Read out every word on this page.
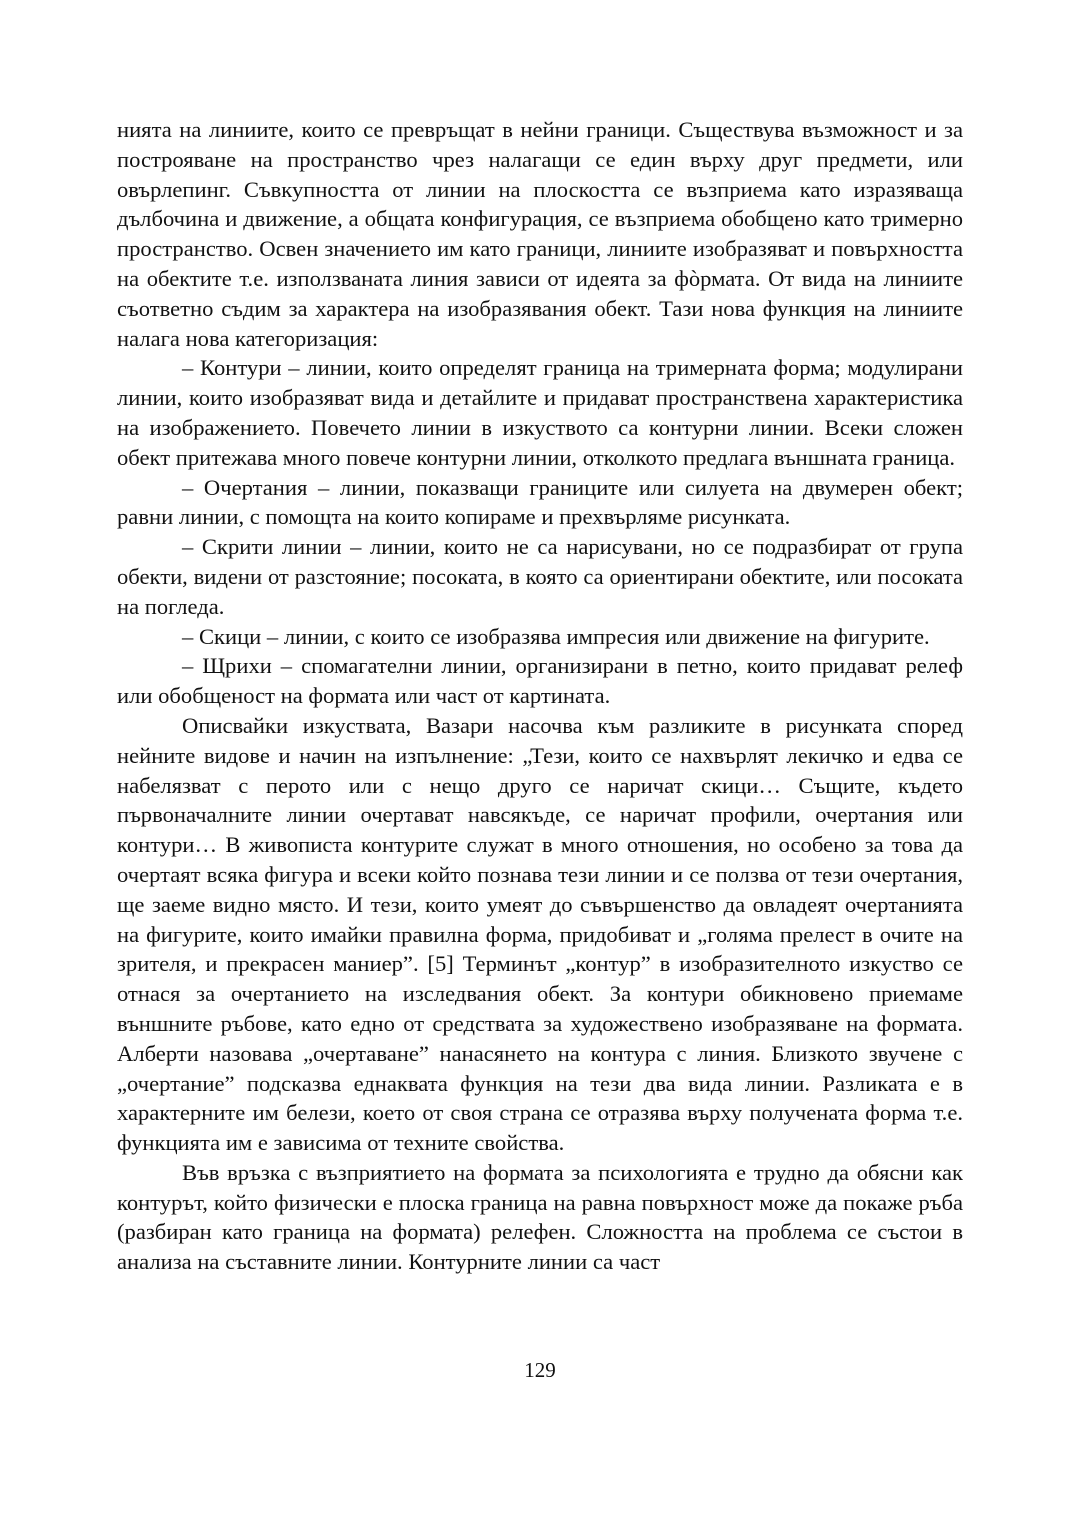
нията на линиите, които се превръщат в нейни граници. Съществува възможност и за построяване на пространство чрез налагащи се един върху друг предмети, или овърлепинг. Съвкупността от линии на плоскостта се възприема като изразяваща дълбочина и движение, а общата конфигурация, се възприема обобщено като тримерно пространство. Освен значението им като граници, линиите изобразяват и повърхността на обектите т.е. използваната линия зависи от идеята за фòрмата. От вида на линиите съответно съдим за характера на изобразявания обект. Тази нова функция на линиите налага нова категоризация:

– Контури – линии, които определят граница на тримерната форма; модулирани линии, които изобразяват вида и детайлите и придават пространствена характеристика на изображението. Повечето линии в изкуството са контурни линии. Всеки сложен обект притежава много повече контурни линии, отколкото предлага външната граница.

– Очертания – линии, показващи границите или силуета на двумерен обект; равни линии, с помощта на които копираме и прехвърляме рисунката.

– Скрити линии – линии, които не са нарисувани, но се подразбират от група обекти, видени от разстояние; посоката, в която са ориентирани обектите, или посоката на погледа.

– Скици – линии, с които се изобразява импресия или движение на фигурите.

– Щрихи – спомагателни линии, организирани в петно, които придават релеф или обобщеност на формата или част от картината.

Описвайки изкуствата, Вазари насочва към разликите в рисунката според нейните видове и начин на изпълнение: „Тези, които се нахвърлят лекичко и едва се набелязват с перото или с нещо друго се наричат скици… Същите, където първоначалните линии очертават навсякъде, се наричат профили, очертания или контури… В живописта контурите служат в много отношения, но особено за това да очертаят всяка фигура и всеки който познава тези линии и се ползва от тези очертания, ще заеме видно място. И тези, които умеят до съвършенство да овладеят очертанията на фигурите, които имайки правилна форма, придобиват и „голяма прелест в очите на зрителя, и прекрасен маниер”. [5] Терминът „контур” в изобразителното изкуство се отнася за очертанието на изследвания обект. За контури обикновено приемаме външните ръбове, като едно от средствата за художествено изобразяване на формата. Алберти назовава „очертаване” нанасянето на контура с линия. Близкото звучене с „очертание” подсказва еднаквата функция на тези два вида линии. Разликата е в характерните им белези, което от своя страна се отразява върху получената форма т.е. функцията им е зависима от техните свойства.

Във връзка с възприятието на формата за психологията е трудно да обясни как контурът, който физически е плоска граница на равна повърхност може да покаже ръба (разбиран като граница на формата) релефен. Сложността на проблема се състои в анализа на съставните линии. Контурните линии са част

129
